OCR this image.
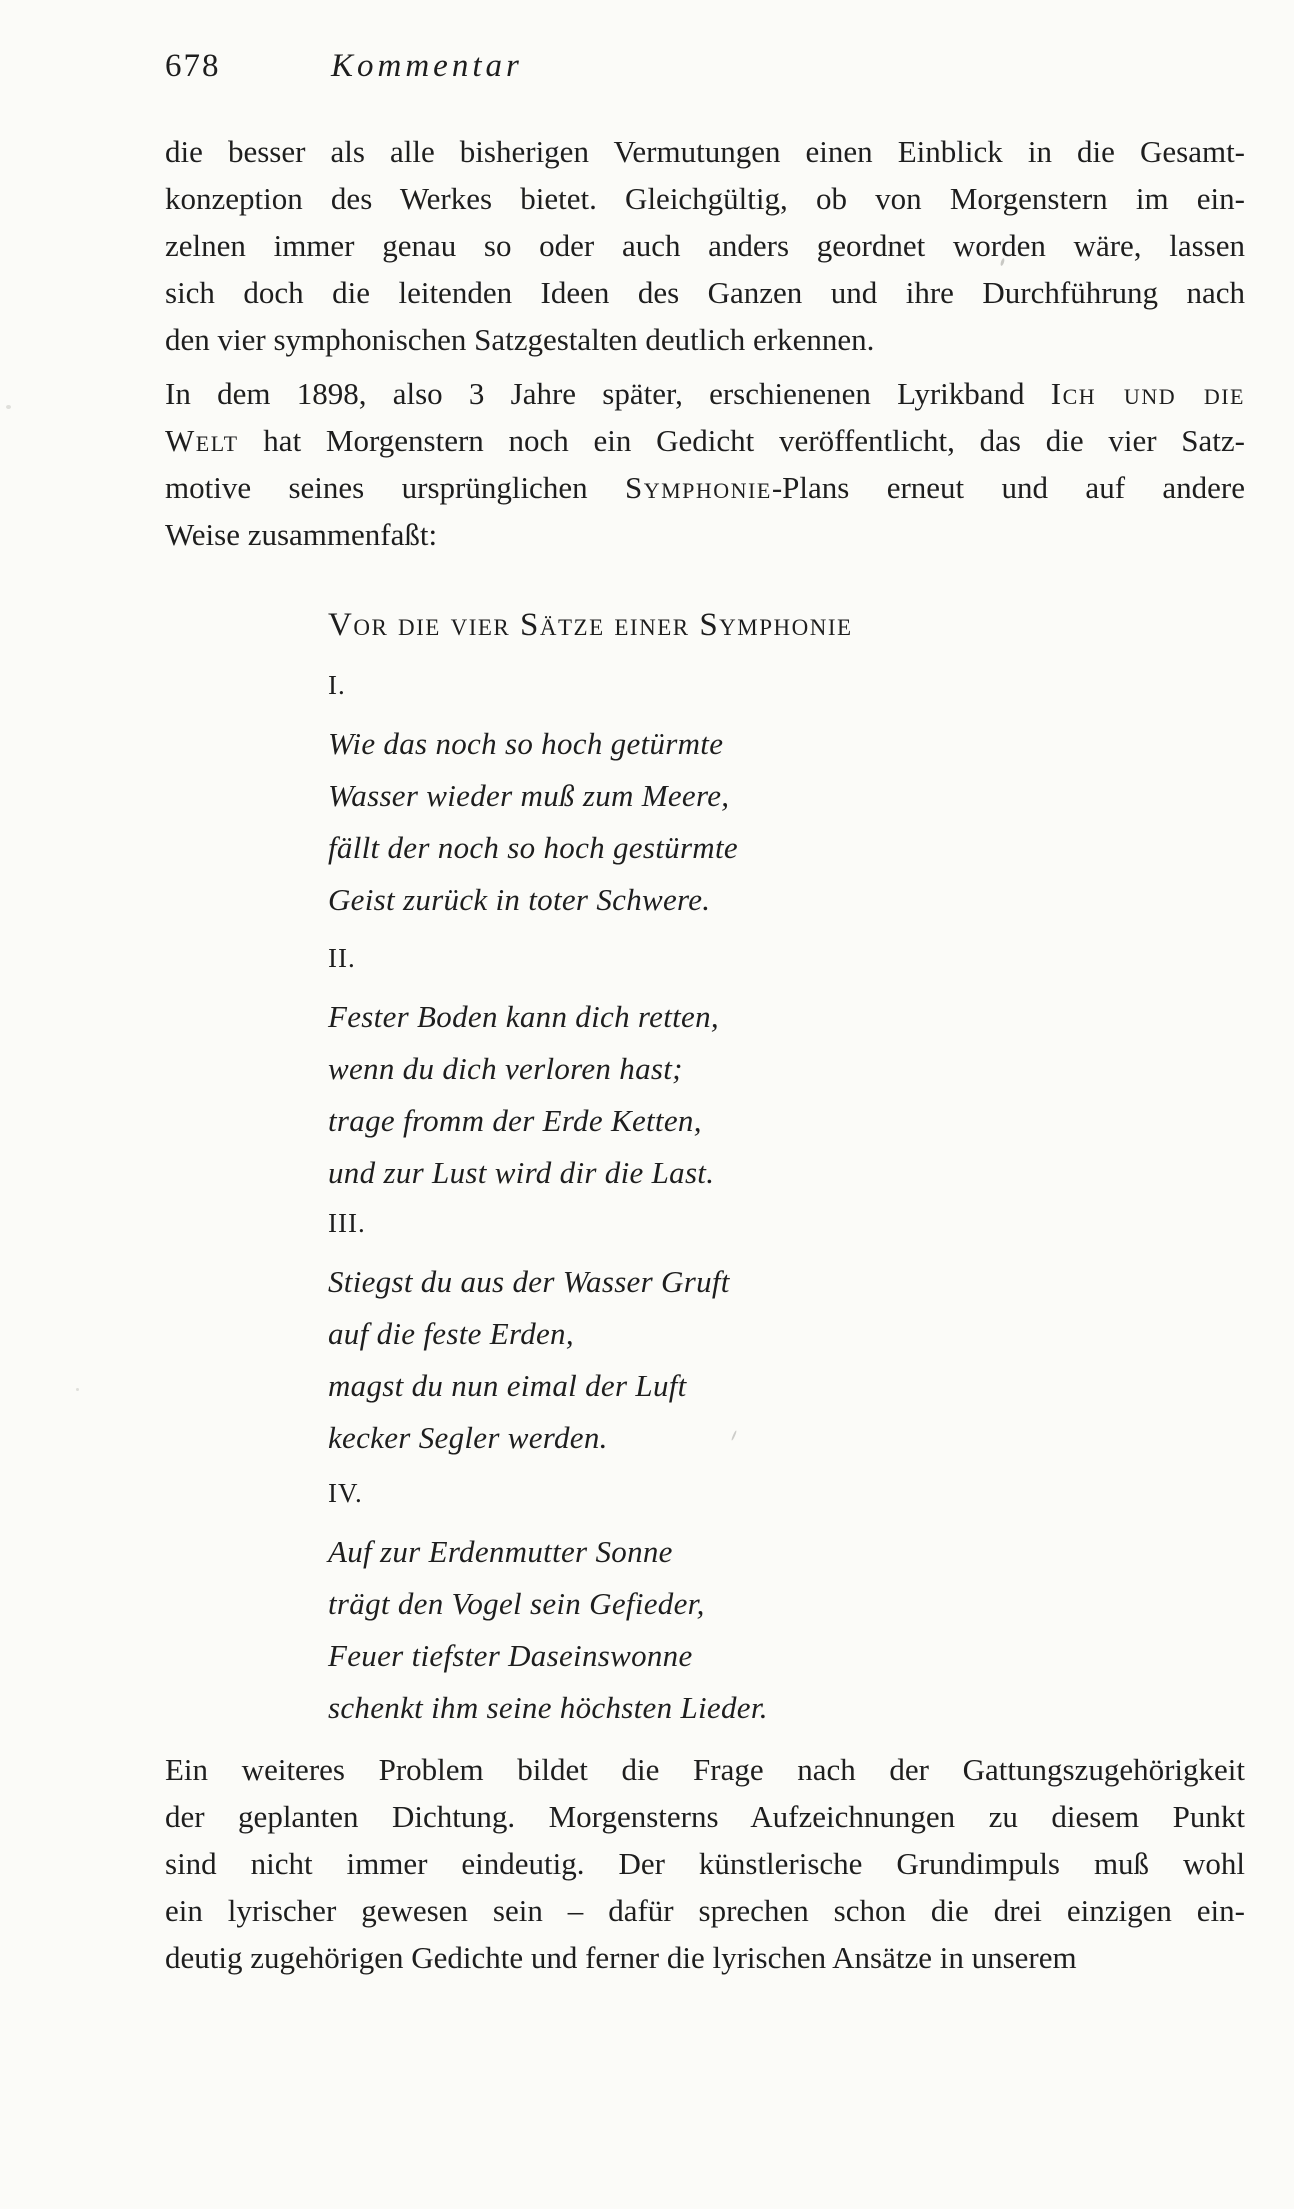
678	Kommentar
die besser als alle bisherigen Vermutungen einen Einblick in die Gesamt-
konzeption des Werkes bietet. Gleichgültig, ob von Morgenstern im ein-
zelnen immer genau so oder auch anders geordnet worden wäre, lassen
sich doch die leitenden Ideen des Ganzen und ihre Durchführung nach
den vier symphonischen Satzgestalten deutlich erkennen.
In dem 1898, also 3 Jahre später, erschienenen Lyrikband Ich und die
Welt hat Morgenstern noch ein Gedicht veröffentlicht, das die vier Satz-
motive seines ursprünglichen Symphonie-Plans erneut und auf andere
Weise zusammenfaßt:
Vor die vier Sätze einer Symphonie
I.
Wie das noch so hoch getürmte
Wasser wieder muß zum Meere,
fällt der noch so hoch gestürmte
Geist zurück in toter Schwere.
II.
Fester Boden kann dich retten,
wenn du dich verloren hast;
trage fromm der Erde Ketten,
und zur Lust wird dir die Last.
III.
Stiegst du aus der Wasser Gruft
auf die feste Erden,
magst du nun eimal der Luft
kecker Segler werden.
IV.
Auf zur Erdenmutter Sonne
trägt den Vogel sein Gefieder,
Feuer tiefster Daseinswonne
schenkt ihm seine höchsten Lieder.
Ein weiteres Problem bildet die Frage nach der Gattungszugehörigkeit
der geplanten Dichtung. Morgensterns Aufzeichnungen zu diesem Punkt
sind nicht immer eindeutig. Der künstlerische Grundimpuls muß wohl
ein lyrischer gewesen sein – dafür sprechen schon die drei einzigen ein-
deutig zugehörigen Gedichte und ferner die lyrischen Ansätze in unserem
